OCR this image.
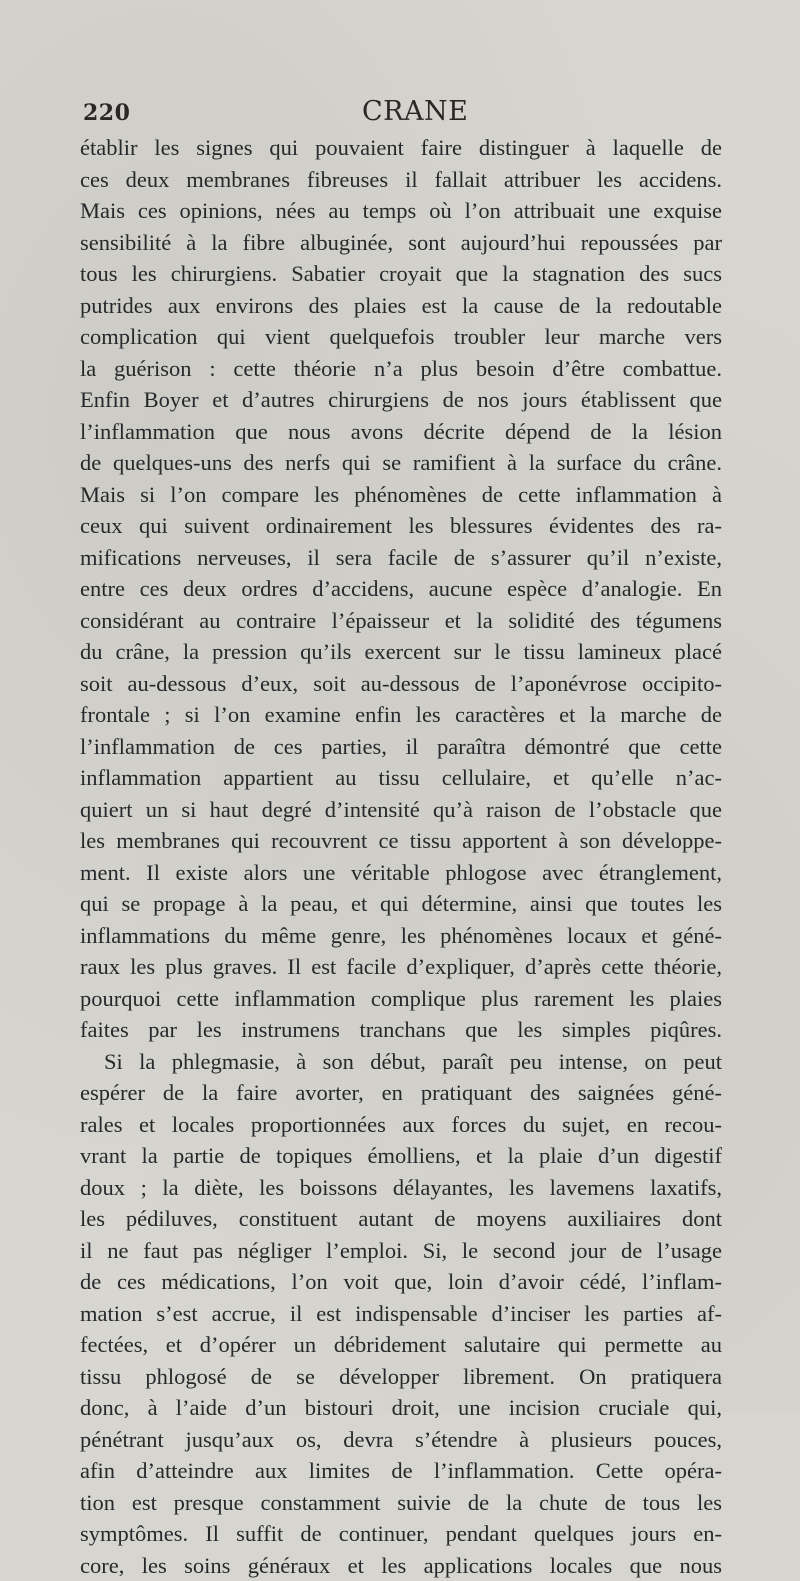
220	CRANE
établir les signes qui pouvaient faire distinguer à laquelle de
ces deux membranes fibreuses il fallait attribuer les accidens.
Mais ces opinions, nées au temps où l’on attribuait une exquise
sensibilité à la fibre albuginée, sont aujourd’hui repoussées par
tous les chirurgiens. Sabatier croyait que la stagnation des sucs
putrides aux environs des plaies est la cause de la redoutable
complication qui vient quelquefois troubler leur marche vers
la guérison : cette théorie n’a plus besoin d’être combattue.
Enfin Boyer et d’autres chirurgiens de nos jours établissent que
l’inflammation que nous avons décrite dépend de la lésion
de quelques-uns des nerfs qui se ramifient à la surface du crâne.
Mais si l’on compare les phénomènes de cette inflammation à
ceux qui suivent ordinairement les blessures évidentes des ra-
mifications nerveuses, il sera facile de s’assurer qu’il n’existe,
entre ces deux ordres d’accidens, aucune espèce d’analogie. En
considérant au contraire l’épaisseur et la solidité des tégumens
du crâne, la pression qu’ils exercent sur le tissu lamineux placé
soit au-dessous d’eux, soit au-dessous de l’aponévrose occipito-
frontale ; si l’on examine enfin les caractères et la marche de
l’inflammation de ces parties, il paraîtra démontré que cette
inflammation appartient au tissu cellulaire, et qu’elle n’ac-
quiert un si haut degré d’intensité qu’à raison de l’obstacle que
les membranes qui recouvrent ce tissu apportent à son développe-
ment. Il existe alors une véritable phlogose avec étranglement,
qui se propage à la peau, et qui détermine, ainsi que toutes les
inflammations du même genre, les phénomènes locaux et géné-
raux les plus graves. Il est facile d’expliquer, d’après cette théorie,
pourquoi cette inflammation complique plus rarement les plaies
faites par les instrumens tranchans que les simples piqûres.
Si la phlegmasie, à son début, paraît peu intense, on peut
espérer de la faire avorter, en pratiquant des saignées géné-
rales et locales proportionnées aux forces du sujet, en recou-
vrant la partie de topiques émolliens, et la plaie d’un digestif
doux ; la diète, les boissons délayantes, les lavemens laxatifs,
les pédiluves, constituent autant de moyens auxiliaires dont
il ne faut pas négliger l’emploi. Si, le second jour de l’usage
de ces médications, l’on voit que, loin d’avoir cédé, l’inflam-
mation s’est accrue, il est indispensable d’inciser les parties af-
fectées, et d’opérer un débridement salutaire qui permette au
tissu phlogosé de se développer librement. On pratiquera
donc, à l’aide d’un bistouri droit, une incision cruciale qui,
pénétrant jusqu’aux os, devra s’étendre à plusieurs pouces,
afin d’atteindre aux limites de l’inflammation. Cette opéra-
tion est presque constamment suivie de la chute de tous les
symptômes. Il suffit de continuer, pendant quelques jours en-
core, les soins généraux et les applications locales que nous
